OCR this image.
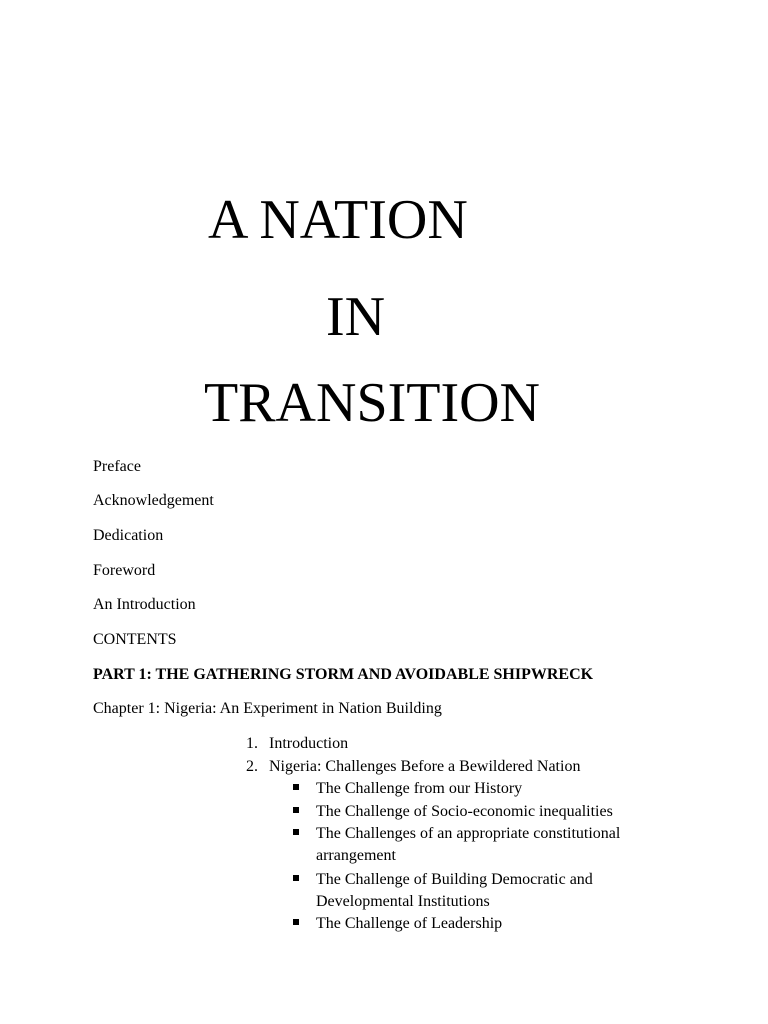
A NATION
IN
TRANSITION
Preface
Acknowledgement
Dedication
Foreword
An Introduction
CONTENTS
PART 1: THE GATHERING STORM AND AVOIDABLE SHIPWRECK
Chapter 1: Nigeria: An Experiment in Nation Building
1. Introduction
2. Nigeria: Challenges Before a Bewildered Nation
The Challenge from our History
The Challenge of Socio-economic inequalities
The Challenges of an appropriate constitutional arrangement
The Challenge of Building Democratic and Developmental Institutions
The Challenge of Leadership
